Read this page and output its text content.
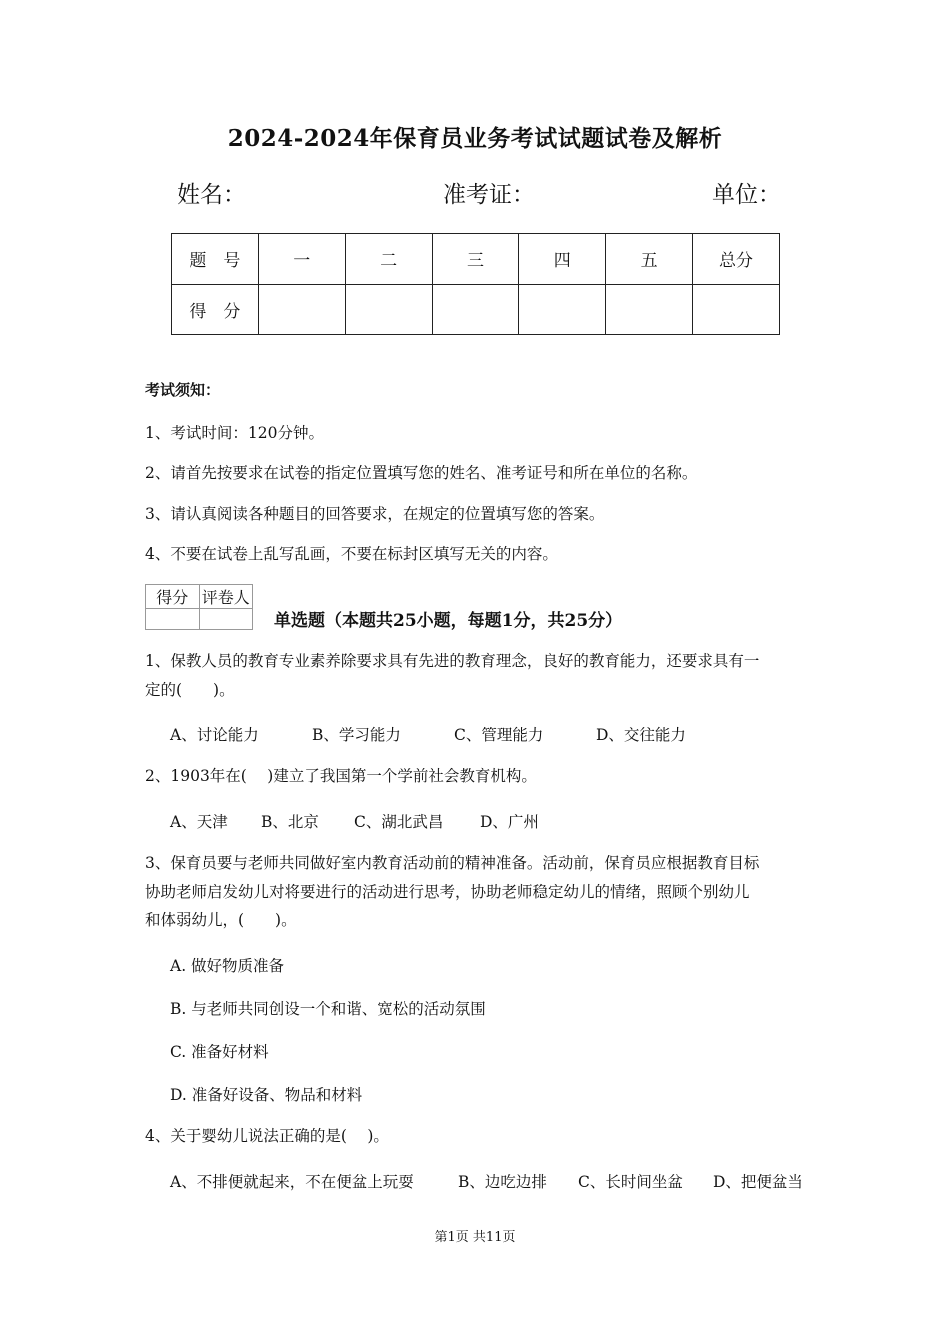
2024-2024年保育员业务考试试题试卷及解析
姓名：	准考证：	单位：
题　号	一	二	三	四	五	总分
得　分						
考试须知：
1、考试时间：120分钟。
2、请首先按要求在试卷的指定位置填写您的姓名、准考证号和所在单位的名称。
3、请认真阅读各种题目的回答要求，在规定的位置填写您的答案。
4、不要在试卷上乱写乱画，不要在标封区填写无关的内容。
得分	评卷人

单选题（本题共25小题，每题1分，共25分）
1、保教人员的教育专业素养除要求具有先进的教育理念，良好的教育能力，还要求具有一
定的(　　)。
A、讨论能力	B、学习能力	C、管理能力	D、交往能力
2、1903年在(　 )建立了我国第一个学前社会教育机构。
A、天津 B、北京 C、湖北武昌 D、广州
3、保育员要与老师共同做好室内教育活动前的精神准备。活动前，保育员应根据教育目标
协助老师启发幼儿对将要进行的活动进行思考，协助老师稳定幼儿的情绪，照顾个别幼儿
和体弱幼儿，(　　)。
A. 做好物质准备
B. 与老师共同创设一个和谐、宽松的活动氛围
C. 准备好材料
D. 准备好设备、物品和材料
4、关于婴幼儿说法正确的是(　 )。
A、不排便就起来，不在便盆上玩耍	B、边吃边排 C、长时间坐盆 D、把便盆当
第1页 共11页
